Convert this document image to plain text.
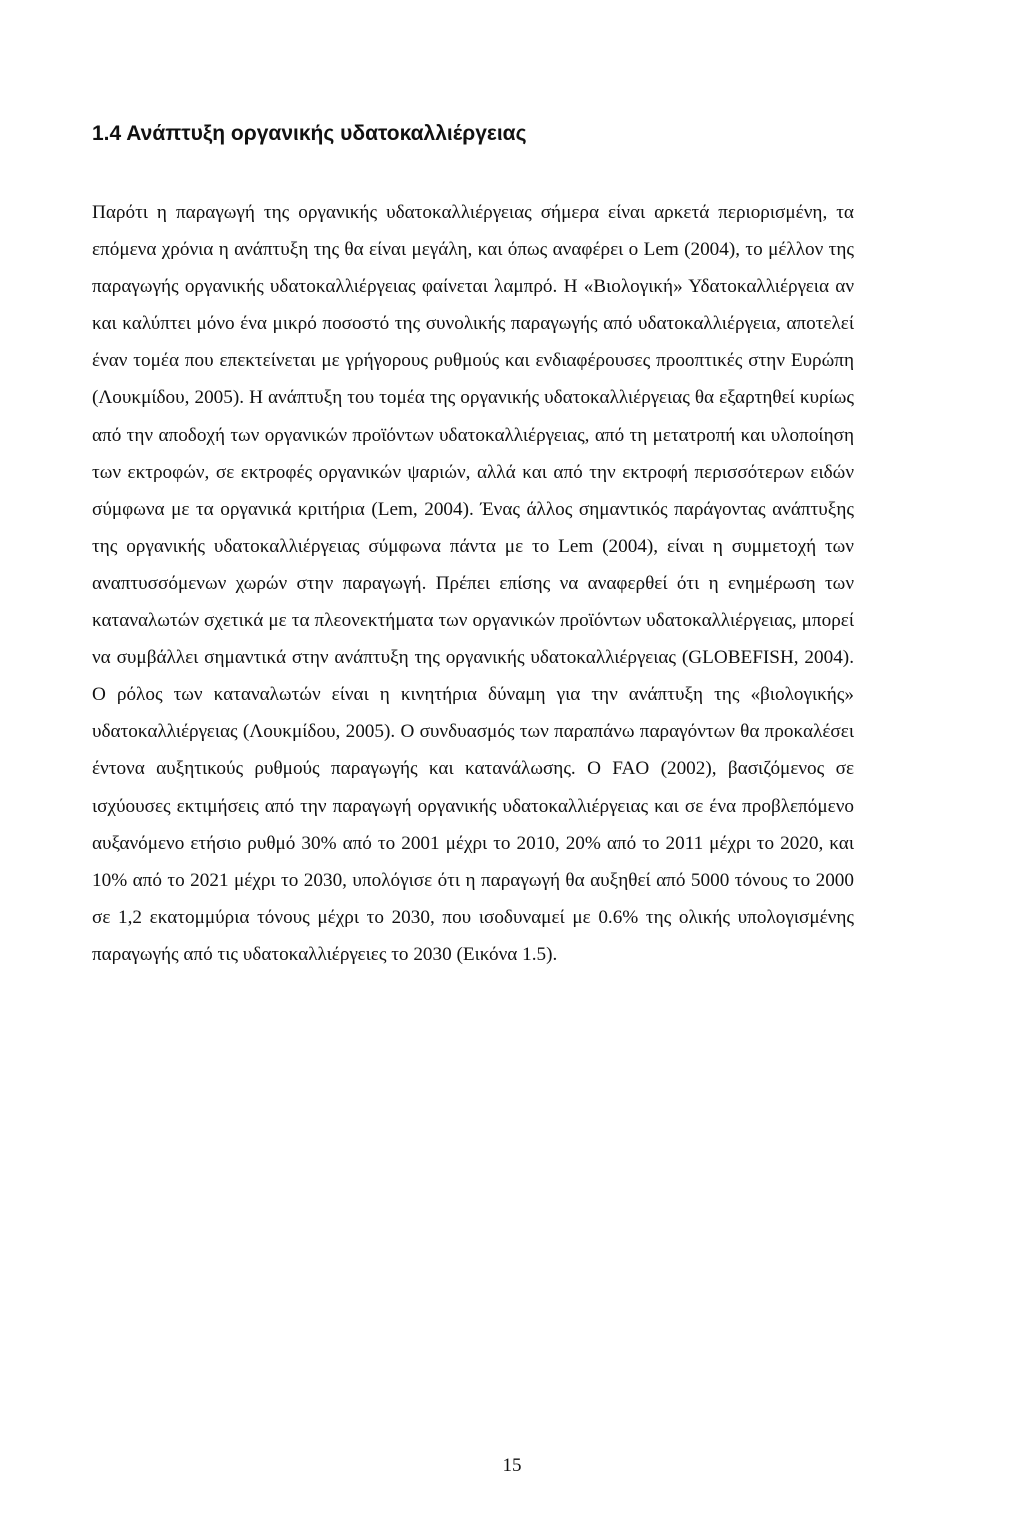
1.4 Ανάπτυξη οργανικής υδατοκαλλιέργειας

Παρότι η παραγωγή της οργανικής υδατοκαλλιέργειας σήμερα είναι αρκετά περιορισμένη, τα επόμενα χρόνια η ανάπτυξη της θα είναι μεγάλη, και όπως αναφέρει ο Lem (2004), το μέλλον της παραγωγής οργανικής υδατοκαλλιέργειας φαίνεται λαμπρό. Η «Βιολογική» Υδατοκαλλιέργεια αν και καλύπτει μόνο ένα μικρό ποσοστό της συνολικής παραγωγής από υδατοκαλλιέργεια, αποτελεί έναν τομέα που επεκτείνεται με γρήγορους ρυθμούς και ενδιαφέρουσες προοπτικές στην Ευρώπη (Λουκμίδου, 2005). Η ανάπτυξη του τομέα της οργανικής υδατοκαλλιέργειας θα εξαρτηθεί κυρίως από την αποδοχή των οργανικών προϊόντων υδατοκαλλιέργειας, από τη μετατροπή και υλοποίηση των εκτροφών, σε εκτροφές οργανικών ψαριών, αλλά και από την εκτροφή περισσότερων ειδών σύμφωνα με τα οργανικά κριτήρια (Lem, 2004). Ένας άλλος σημαντικός παράγοντας ανάπτυξης της οργανικής υδατοκαλλιέργειας σύμφωνα πάντα με το Lem (2004), είναι η συμμετοχή των αναπτυσσόμενων χωρών στην παραγωγή. Πρέπει επίσης να αναφερθεί ότι η ενημέρωση των καταναλωτών σχετικά με τα πλεονεκτήματα των οργανικών προϊόντων υδατοκαλλιέργειας, μπορεί να συμβάλλει σημαντικά στην ανάπτυξη της οργανικής υδατοκαλλιέργειας (GLOBEFISH, 2004). Ο ρόλος των καταναλωτών είναι η κινητήρια δύναμη για την ανάπτυξη της «βιολογικής» υδατοκαλλιέργειας (Λουκμίδου, 2005). Ο συνδυασμός των παραπάνω παραγόντων θα προκαλέσει έντονα αυξητικούς ρυθμούς παραγωγής και κατανάλωσης. Ο FAO (2002), βασιζόμενος σε ισχύουσες εκτιμήσεις από την παραγωγή οργανικής υδατοκαλλιέργειας και σε ένα προβλεπόμενο αυξανόμενο ετήσιο ρυθμό 30% από το 2001 μέχρι το 2010, 20% από το 2011 μέχρι το 2020, και 10% από το 2021 μέχρι το 2030, υπολόγισε ότι η παραγωγή θα αυξηθεί από 5000 τόνους το 2000 σε 1,2 εκατομμύρια τόνους μέχρι το 2030, που ισοδυναμεί με 0.6% της ολικής υπολογισμένης παραγωγής από τις υδατοκαλλιέργειες το 2030 (Εικόνα 1.5).

15
